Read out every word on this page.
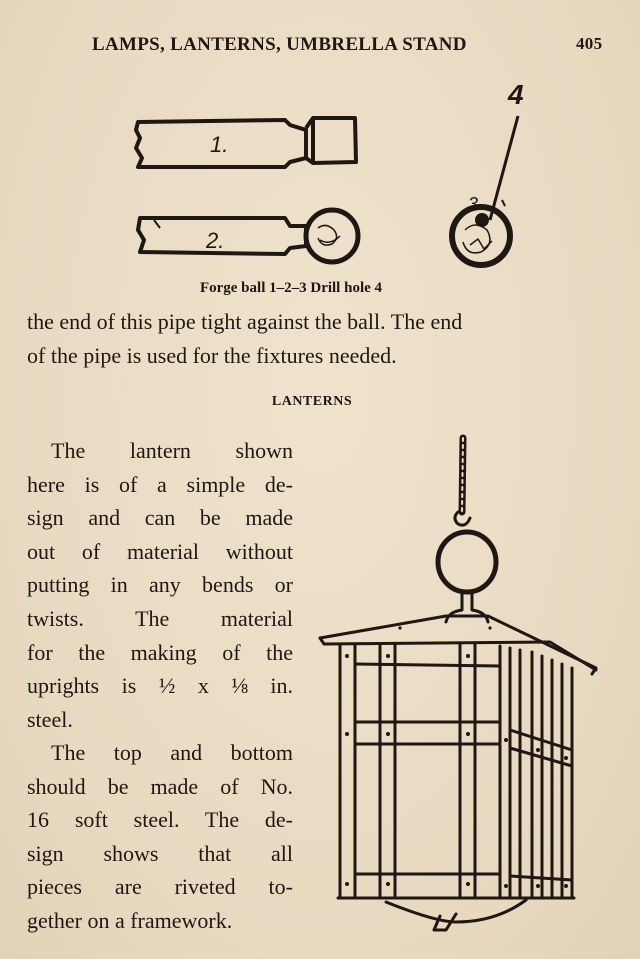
LAMPS, LANTERNS, UMBRELLA STAND	405
1.
2.
3.
4
Forge ball 1–2–3 Drill hole 4
the end of this pipe tight against the ball. The end
of the pipe is used for the fixtures needed.
LANTERNS
The lantern shown
here is of a simple de-
sign and can be made
out of material without
putting in any bends or
twists. The material
for the making of the
uprights is ½ x ⅛ in.
steel.
The top and bottom
should be made of No.
16 soft steel. The de-
sign shows that all
pieces are riveted to-
gether on a framework.
